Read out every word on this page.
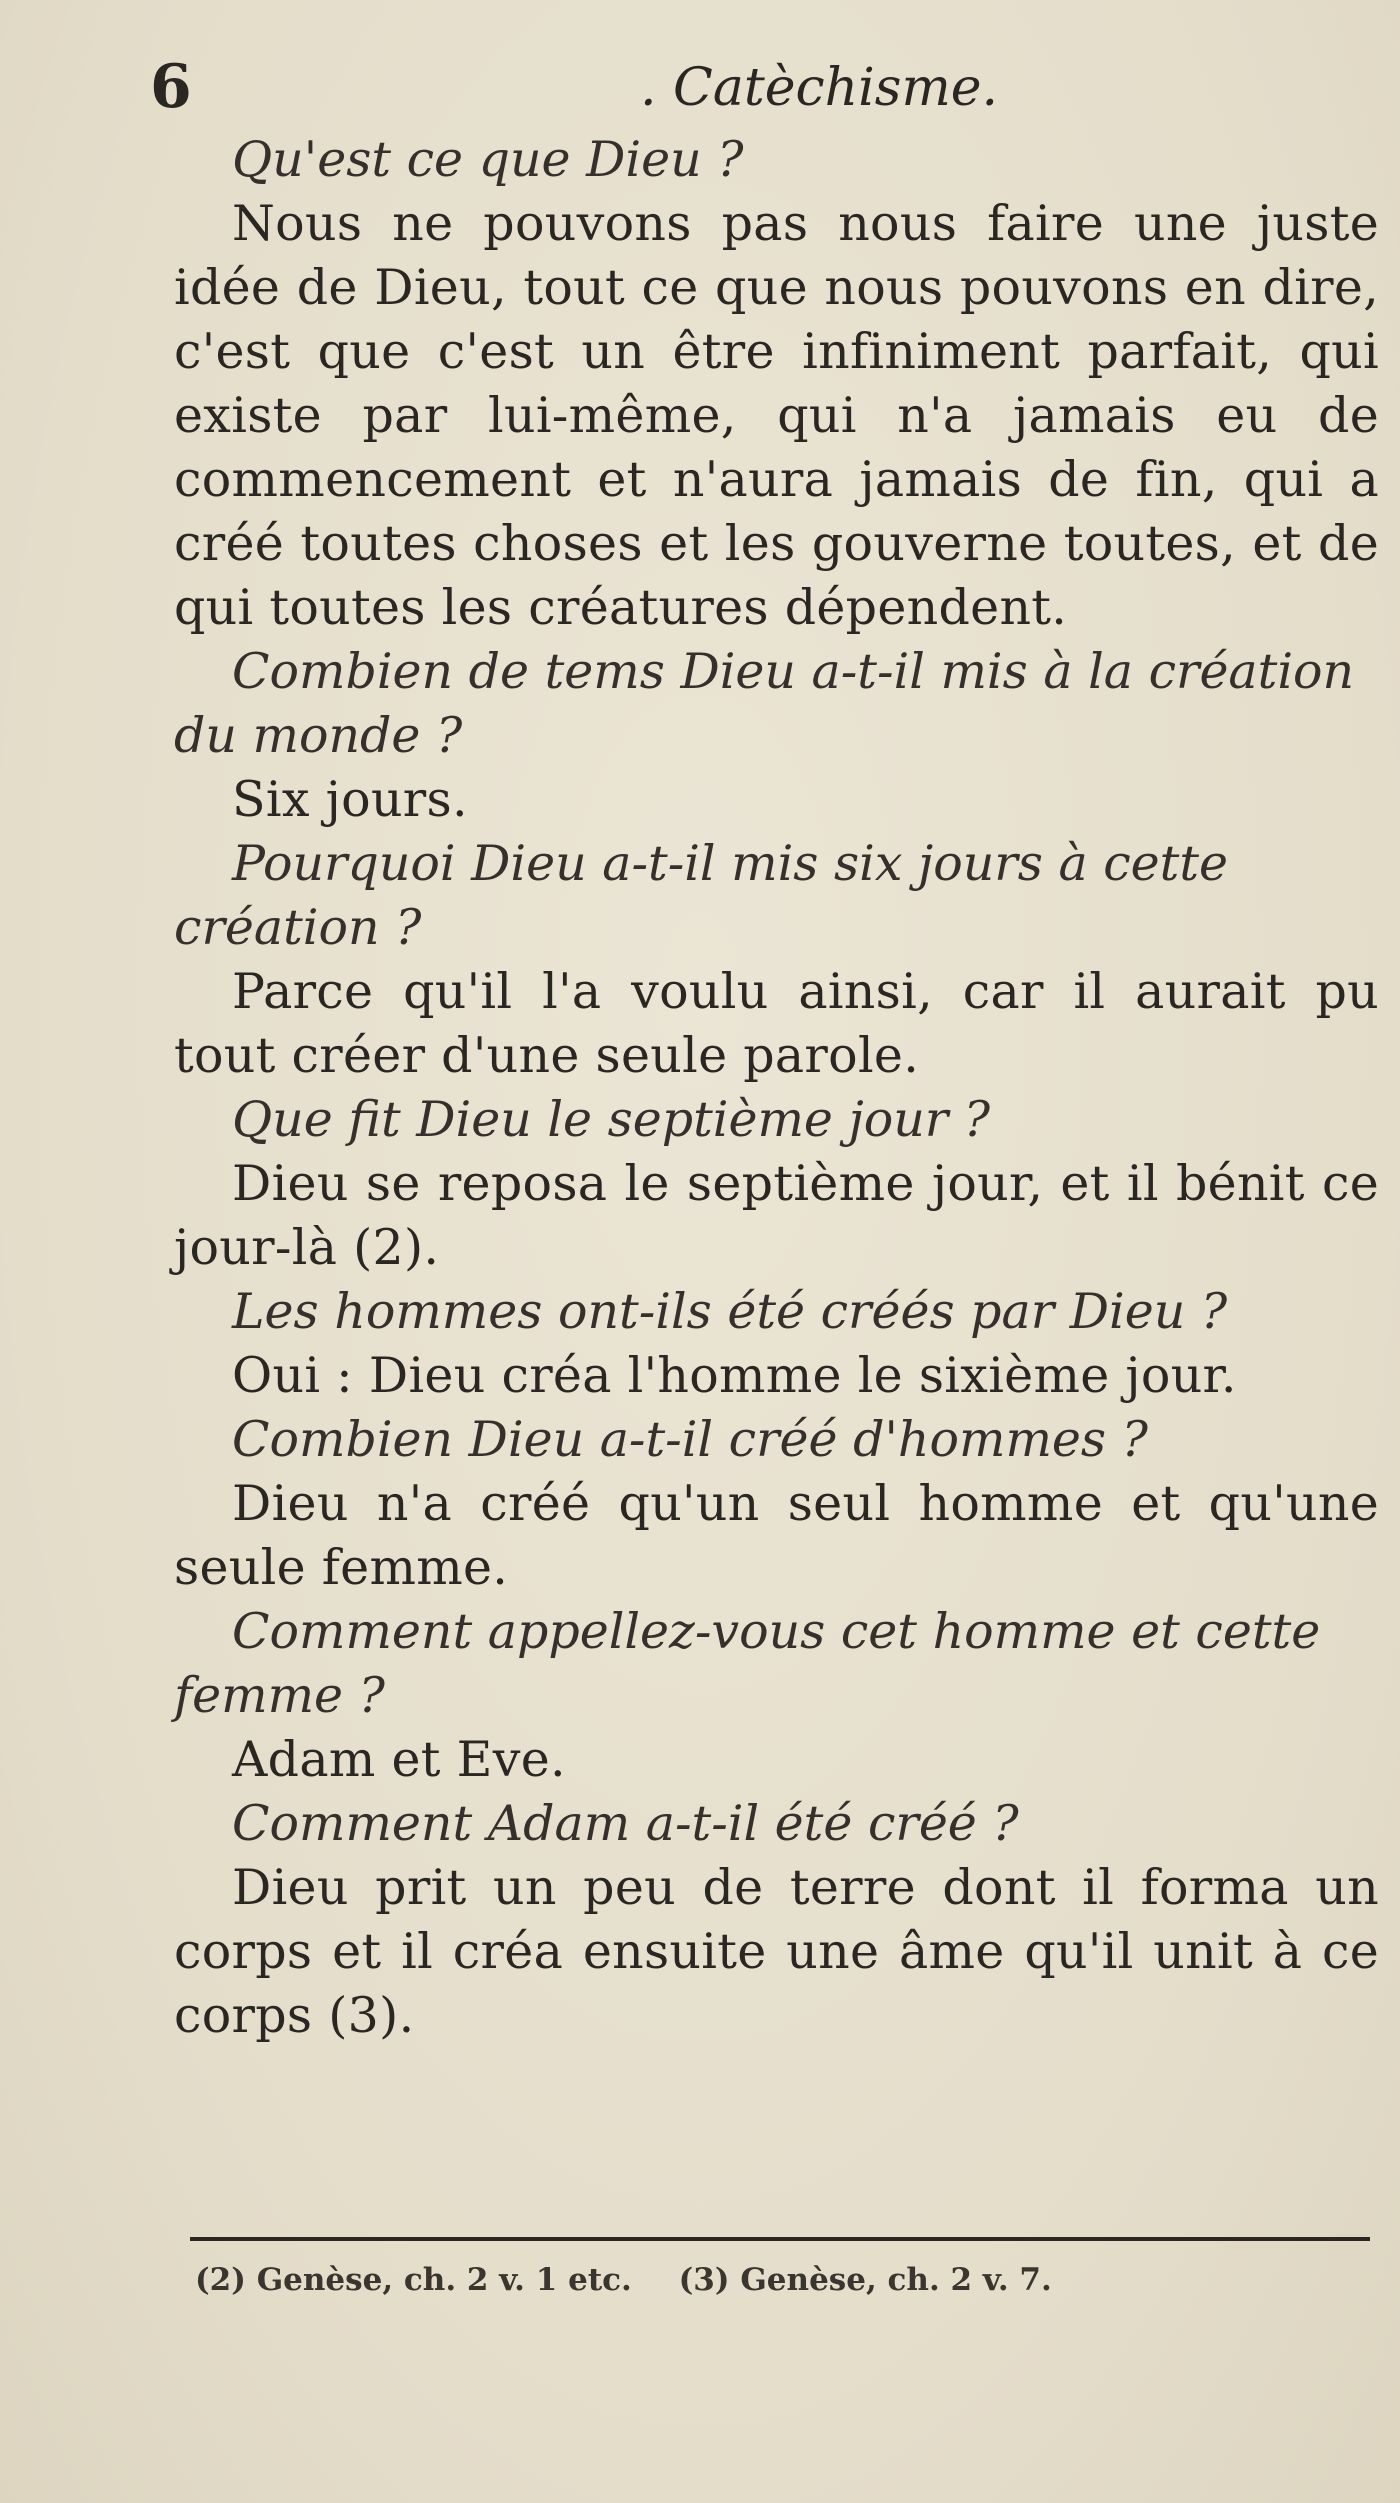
6	. Catèchisme.

Qu'est ce que Dieu ?

Nous ne pouvons pas nous faire une juste idée de Dieu, tout ce que nous pouvons en dire, c'est que c'est un être infiniment parfait, qui existe par lui-même, qui n'a jamais eu de commencement et n'aura jamais de fin, qui a créé toutes choses et les gouverne toutes, et de qui toutes les créatures dépendent.

Combien de tems Dieu a-t-il mis à la création du monde ?

Six jours.

Pourquoi Dieu a-t-il mis six jours à cette création ?

Parce qu'il l'a voulu ainsi, car il aurait pu tout créer d'une seule parole.

Que fit Dieu le septième jour ?

Dieu se reposa le septième jour, et il bénit ce jour-là (2).

Les hommes ont-ils été créés par Dieu ?

Oui : Dieu créa l'homme le sixième jour.

Combien Dieu a-t-il créé d'hommes ?

Dieu n'a créé qu'un seul homme et qu'une seule femme.

Comment appellez-vous cet homme et cette

femme ?

Adam et Eve.

Comment Adam a-t-il été créé ?

Dieu prit un peu de terre dont il forma un corps et il créa ensuite une âme qu'il unit à ce corps (3).

(2) Genèse, ch. 2 v. 1 etc. (3) Genèse, ch. 2 v. 7.
